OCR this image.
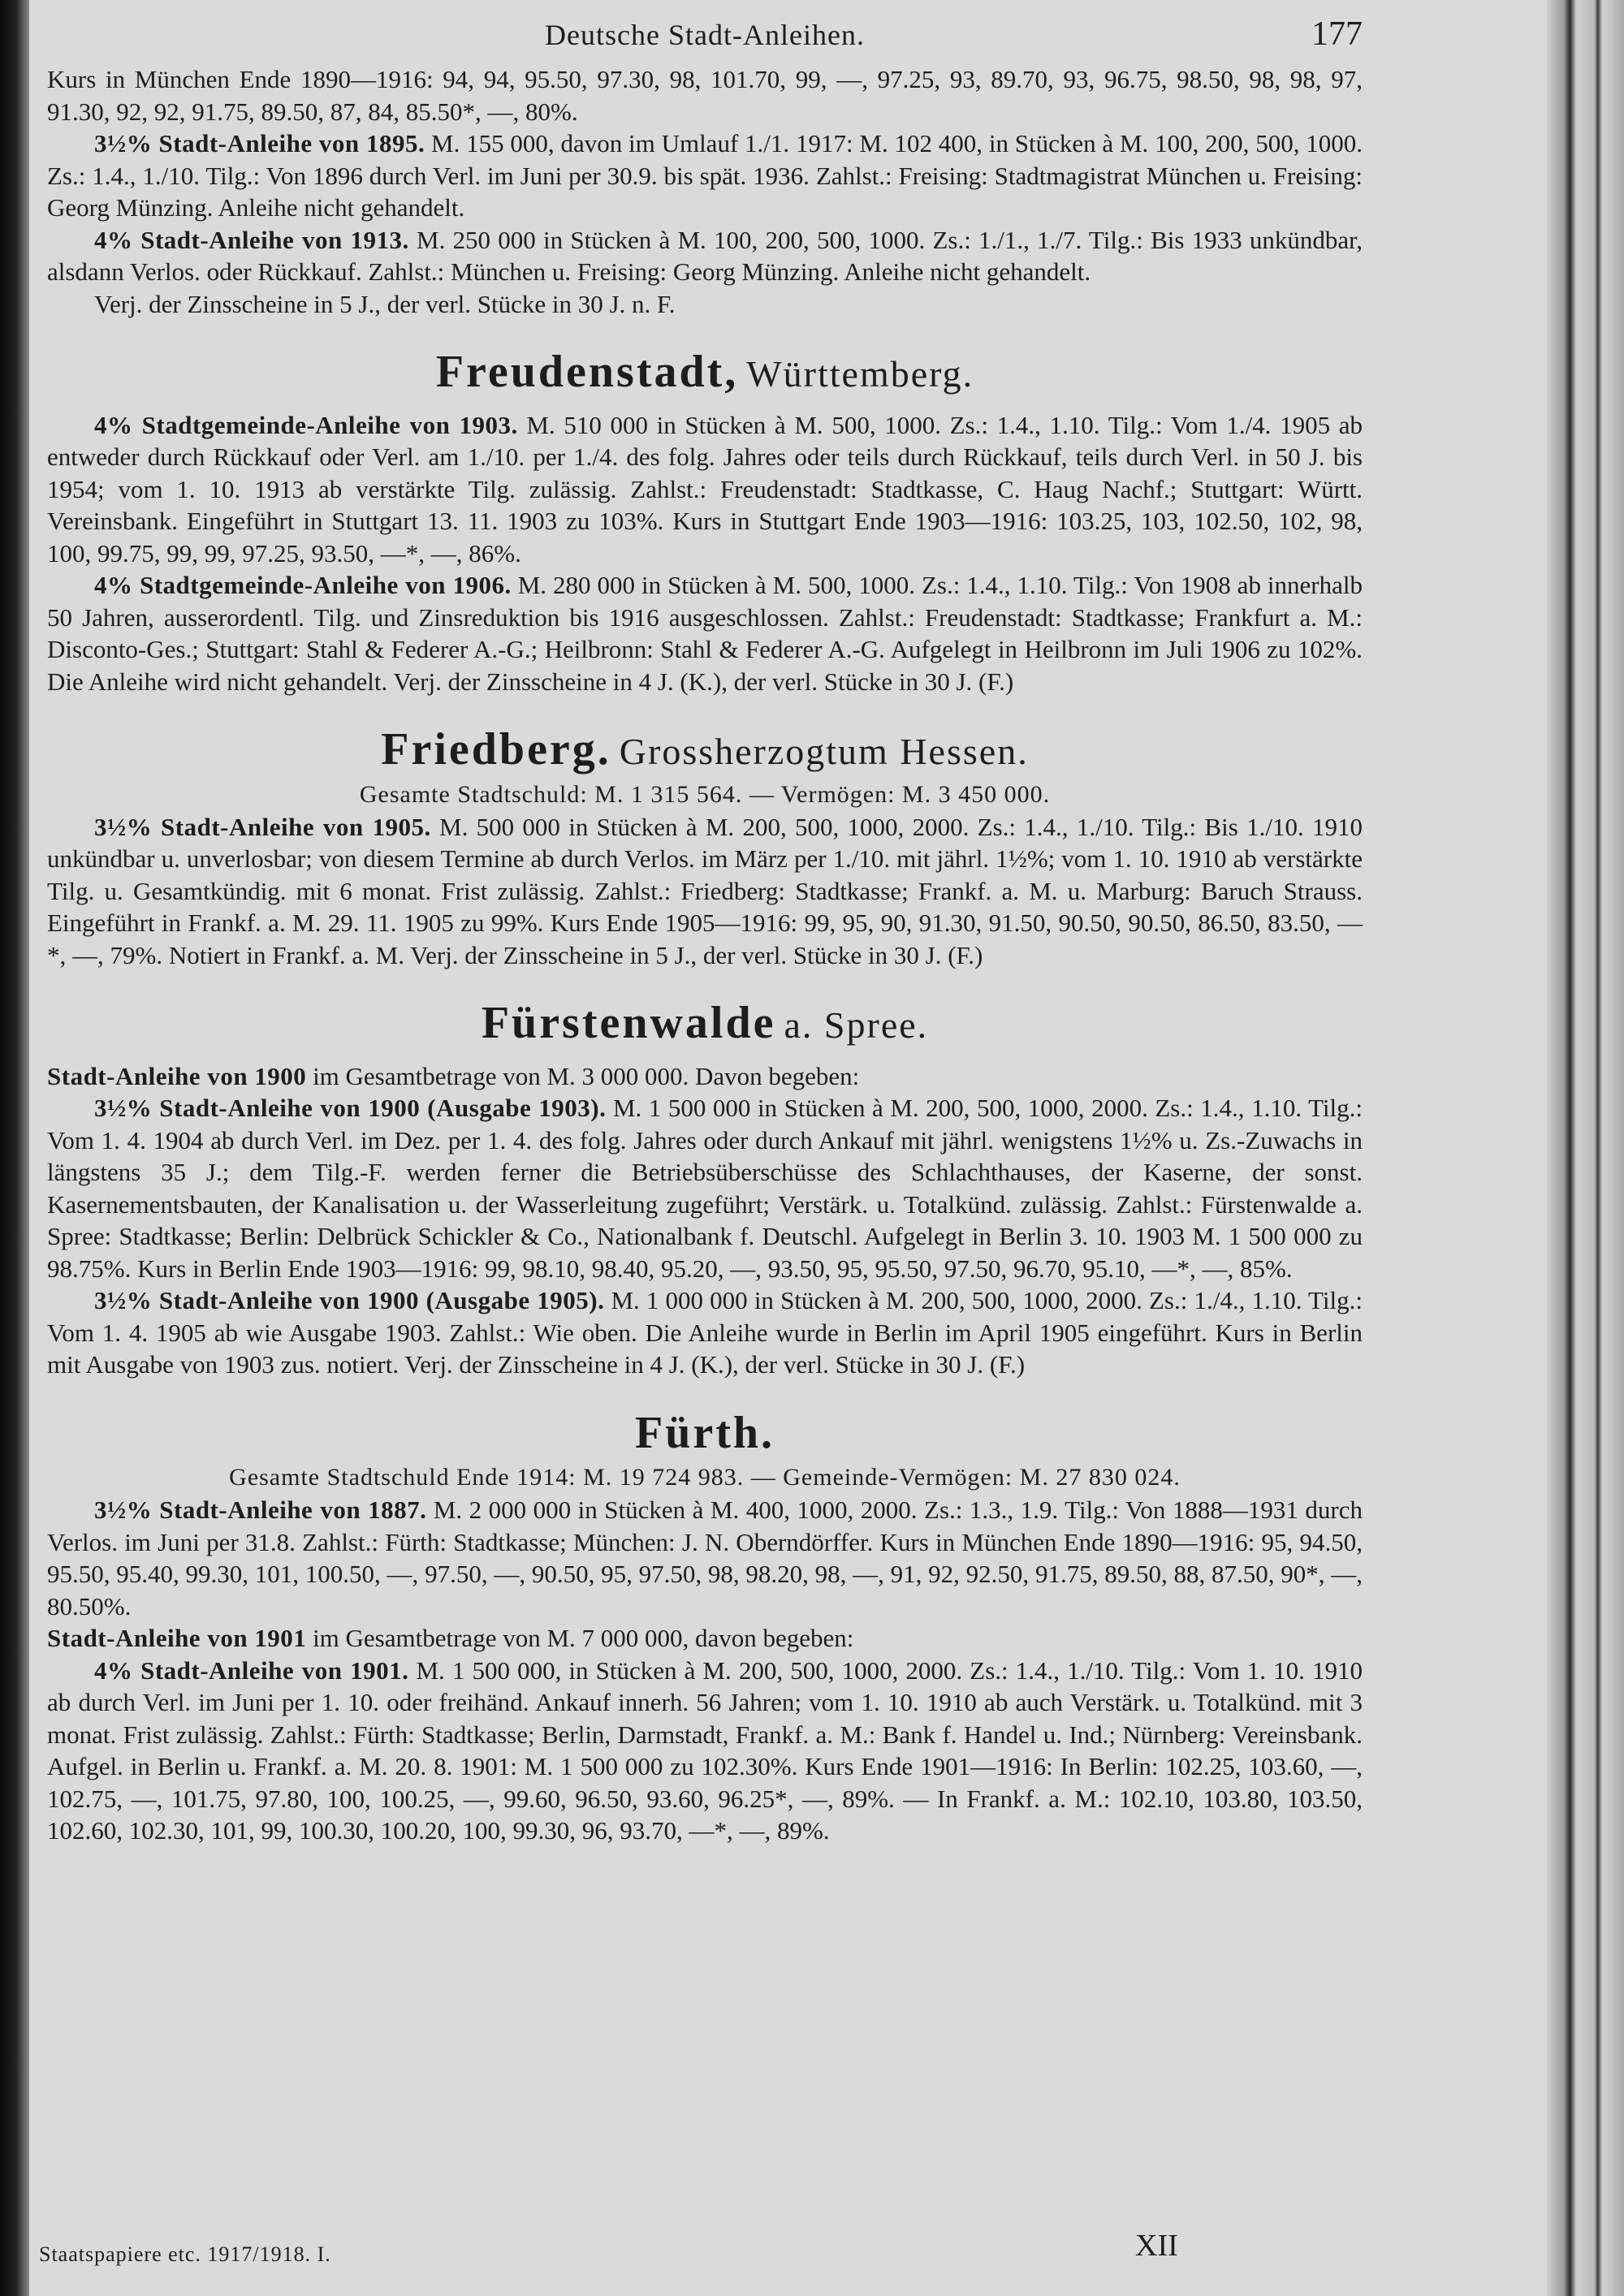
Deutsche Stadt-Anleihen.	177

Kurs in München Ende 1890—1916: 94, 94, 95.50, 97.30, 98, 101.70, 99, —, 97.25, 93, 89.70, 93, 96.75, 98.50, 98, 98, 97, 91.30, 92, 92, 91.75, 89.50, 87, 84, 85.50*, —, 80%.

3½% Stadt-Anleihe von 1895. M. 155 000, davon im Umlauf 1./1. 1917: M. 102 400, in Stücken à M. 100, 200, 500, 1000. Zs.: 1.4., 1./10. Tilg.: Von 1896 durch Verl. im Juni per 30.9. bis spät. 1936. Zahlst.: Freising: Stadtmagistrat München u. Freising: Georg Münzing. Anleihe nicht gehandelt.

4% Stadt-Anleihe von 1913. M. 250 000 in Stücken à M. 100, 200, 500, 1000. Zs.: 1./1., 1./7. Tilg.: Bis 1933 unkündbar, alsdann Verlos. oder Rückkauf. Zahlst.: München u. Freising: Georg Münzing. Anleihe nicht gehandelt.

Verj. der Zinsscheine in 5 J., der verl. Stücke in 30 J. n. F.

Freudenstadt, Württemberg.

4% Stadtgemeinde-Anleihe von 1903. M. 510 000 in Stücken à M. 500, 1000. Zs.: 1.4., 1.10. Tilg.: Vom 1./4. 1905 ab entweder durch Rückkauf oder Verl. am 1./10. per 1./4. des folg. Jahres oder teils durch Rückkauf, teils durch Verl. in 50 J. bis 1954; vom 1. 10. 1913 ab verstärkte Tilg. zulässig. Zahlst.: Freudenstadt: Stadtkasse, C. Haug Nachf.; Stuttgart: Württ. Vereinsbank. Eingeführt in Stuttgart 13. 11. 1903 zu 103%. Kurs in Stuttgart Ende 1903—1916: 103.25, 103, 102.50, 102, 98, 100, 99.75, 99, 99, 97.25, 93.50, —*, —, 86%.

4% Stadtgemeinde-Anleihe von 1906. M. 280 000 in Stücken à M. 500, 1000. Zs.: 1.4., 1.10. Tilg.: Von 1908 ab innerhalb 50 Jahren, ausserordentl. Tilg. und Zinsreduktion bis 1916 ausgeschlossen. Zahlst.: Freudenstadt: Stadtkasse; Frankfurt a. M.: Disconto-Ges.; Stuttgart: Stahl & Federer A.-G.; Heilbronn: Stahl & Federer A.-G. Aufgelegt in Heilbronn im Juli 1906 zu 102%. Die Anleihe wird nicht gehandelt. Verj. der Zinsscheine in 4 J. (K.), der verl. Stücke in 30 J. (F.)

Friedberg. Grossherzogtum Hessen.
Gesamte Stadtschuld: M. 1 315 564. — Vermögen: M. 3 450 000.

3½% Stadt-Anleihe von 1905. M. 500 000 in Stücken à M. 200, 500, 1000, 2000. Zs.: 1.4., 1./10. Tilg.: Bis 1./10. 1910 unkündbar u. unverlosbar; von diesem Termine ab durch Verlos. im März per 1./10. mit jährl. 1½%; vom 1. 10. 1910 ab verstärkte Tilg. u. Gesamtkündig. mit 6 monat. Frist zulässig. Zahlst.: Friedberg: Stadtkasse; Frankf. a. M. u. Marburg: Baruch Strauss. Eingeführt in Frankf. a. M. 29. 11. 1905 zu 99%. Kurs Ende 1905—1916: 99, 95, 90, 91.30, 91.50, 90.50, 90.50, 86.50, 83.50, —*, —, 79%. Notiert in Frankf. a. M. Verj. der Zinsscheine in 5 J., der verl. Stücke in 30 J. (F.)

Fürstenwalde a. Spree.

Stadt-Anleihe von 1900 im Gesamtbetrage von M. 3 000 000. Davon begeben:

3½% Stadt-Anleihe von 1900 (Ausgabe 1903). M. 1 500 000 in Stücken à M. 200, 500, 1000, 2000. Zs.: 1.4., 1.10. Tilg.: Vom 1. 4. 1904 ab durch Verl. im Dez. per 1. 4. des folg. Jahres oder durch Ankauf mit jährl. wenigstens 1½% u. Zs.-Zuwachs in längstens 35 J.; dem Tilg.-F. werden ferner die Betriebsüberschüsse des Schlachthauses, der Kaserne, der sonst. Kasernementsbauten, der Kanalisation u. der Wasserleitung zugeführt; Verstärk. u. Totalkünd. zulässig. Zahlst.: Fürstenwalde a. Spree: Stadtkasse; Berlin: Delbrück Schickler & Co., Nationalbank f. Deutschl. Aufgelegt in Berlin 3. 10. 1903 M. 1 500 000 zu 98.75%. Kurs in Berlin Ende 1903—1916: 99, 98.10, 98.40, 95.20, —, 93.50, 95, 95.50, 97.50, 96.70, 95.10, —*, —, 85%.

3½% Stadt-Anleihe von 1900 (Ausgabe 1905). M. 1 000 000 in Stücken à M. 200, 500, 1000, 2000. Zs.: 1./4., 1.10. Tilg.: Vom 1. 4. 1905 ab wie Ausgabe 1903. Zahlst.: Wie oben. Die Anleihe wurde in Berlin im April 1905 eingeführt. Kurs in Berlin mit Ausgabe von 1903 zus. notiert. Verj. der Zinsscheine in 4 J. (K.), der verl. Stücke in 30 J. (F.)

Fürth.
Gesamte Stadtschuld Ende 1914: M. 19 724 983. — Gemeinde-Vermögen: M. 27 830 024.

3½% Stadt-Anleihe von 1887. M. 2 000 000 in Stücken à M. 400, 1000, 2000. Zs.: 1.3., 1.9. Tilg.: Von 1888—1931 durch Verlos. im Juni per 31.8. Zahlst.: Fürth: Stadtkasse; München: J. N. Oberndörffer. Kurs in München Ende 1890—1916: 95, 94.50, 95.50, 95.40, 99.30, 101, 100.50, —, 97.50, —, 90.50, 95, 97.50, 98, 98.20, 98, —, 91, 92, 92.50, 91.75, 89.50, 88, 87.50, 90*, —, 80.50%.

Stadt-Anleihe von 1901 im Gesamtbetrage von M. 7 000 000, davon begeben:

4% Stadt-Anleihe von 1901. M. 1 500 000, in Stücken à M. 200, 500, 1000, 2000. Zs.: 1.4., 1./10. Tilg.: Vom 1. 10. 1910 ab durch Verl. im Juni per 1. 10. oder freihänd. Ankauf innerh. 56 Jahren; vom 1. 10. 1910 ab auch Verstärk. u. Totalkünd. mit 3 monat. Frist zulässig. Zahlst.: Fürth: Stadtkasse; Berlin, Darmstadt, Frankf. a. M.: Bank f. Handel u. Ind.; Nürnberg: Vereinsbank. Aufgel. in Berlin u. Frankf. a. M. 20. 8. 1901: M. 1 500 000 zu 102.30%. Kurs Ende 1901—1916: In Berlin: 102.25, 103.60, —, 102.75, —, 101.75, 97.80, 100, 100.25, —, 99.60, 96.50, 93.60, 96.25*, —, 89%. — In Frankf. a. M.: 102.10, 103.80, 103.50, 102.60, 102.30, 101, 99, 100.30, 100.20, 100, 99.30, 96, 93.70, —*, —, 89%.

Staatspapiere etc. 1917/1918. I.	XII
